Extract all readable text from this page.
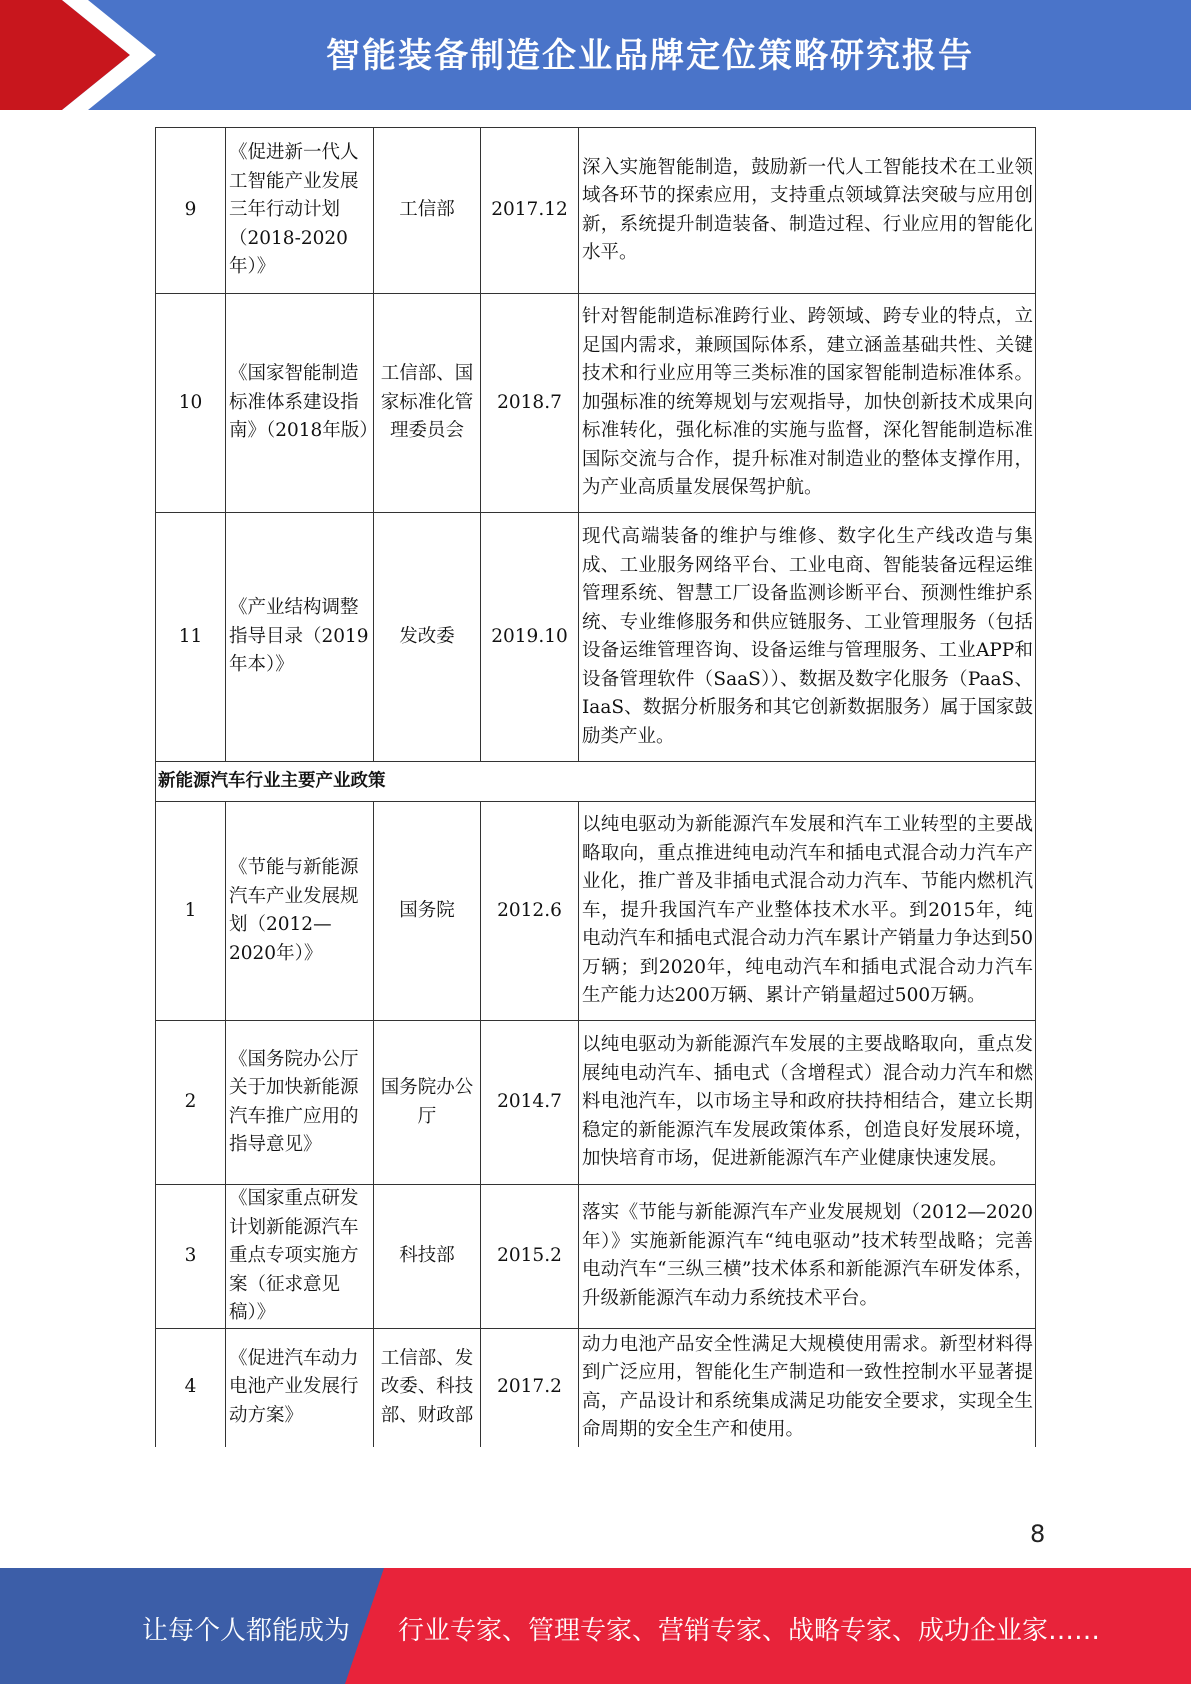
智能装备制造企业品牌定位策略研究报告
9	《促进新一代人工智能产业发展三年行动计划（2018-2020年）》	工信部	2017.12	深入实施智能制造，鼓励新一代人工智能技术在工业领域各环节的探索应用，支持重点领域算法突破与应用创新，系统提升制造装备、制造过程、行业应用的智能化水平。
10	《国家智能制造标准体系建设指南》（2018年版）	工信部、国家标准化管理委员会	2018.7	针对智能制造标准跨行业、跨领域、跨专业的特点，立足国内需求，兼顾国际体系，建立涵盖基础共性、关键技术和行业应用等三类标准的国家智能制造标准体系。加强标准的统筹规划与宏观指导，加快创新技术成果向标准转化，强化标准的实施与监督，深化智能制造标准国际交流与合作，提升标准对制造业的整体支撑作用，为产业高质量发展保驾护航。
11	《产业结构调整指导目录（2019年本）》	发改委	2019.10	现代高端装备的维护与维修、数字化生产线改造与集成、工业服务网络平台、工业电商、智能装备远程运维管理系统、智慧工厂设备监测诊断平台、预测性维护系统、专业维修服务和供应链服务、工业管理服务（包括设备运维管理咨询、设备运维与管理服务、工业APP和设备管理软件（SaaS））、数据及数字化服务（PaaS、IaaS、数据分析服务和其它创新数据服务）属于国家鼓励类产业。
新能源汽车行业主要产业政策				
1	《节能与新能源汽车产业发展规划（2012—2020年）》	国务院	2012.6	以纯电驱动为新能源汽车发展和汽车工业转型的主要战略取向，重点推进纯电动汽车和插电式混合动力汽车产业化，推广普及非插电式混合动力汽车、节能内燃机汽车，提升我国汽车产业整体技术水平。到2015年，纯电动汽车和插电式混合动力汽车累计产销量力争达到50万辆；到2020年，纯电动汽车和插电式混合动力汽车生产能力达200万辆、累计产销量超过500万辆。
2	《国务院办公厅关于加快新能源汽车推广应用的指导意见》	国务院办公厅	2014.7	以纯电驱动为新能源汽车发展的主要战略取向，重点发展纯电动汽车、插电式（含增程式）混合动力汽车和燃料电池汽车，以市场主导和政府扶持相结合，建立长期稳定的新能源汽车发展政策体系，创造良好发展环境，加快培育市场，促进新能源汽车产业健康快速发展。
3	《国家重点研发计划新能源汽车重点专项实施方案（征求意见稿）》	科技部	2015.2	落实《节能与新能源汽车产业发展规划（2012—2020年）》实施新能源汽车“纯电驱动”技术转型战略；完善电动汽车“三纵三横”技术体系和新能源汽车研发体系，升级新能源汽车动力系统技术平台。
4	《促进汽车动力电池产业发展行动方案》	工信部、发改委、科技部、财政部	2017.2	动力电池产品安全性满足大规模使用需求。新型材料得到广泛应用，智能化生产制造和一致性控制水平显著提高，产品设计和系统集成满足功能安全要求，实现全生命周期的安全生产和使用。
8
让每个人都能成为 行业专家、管理专家、营销专家、战略专家、成功企业家……
